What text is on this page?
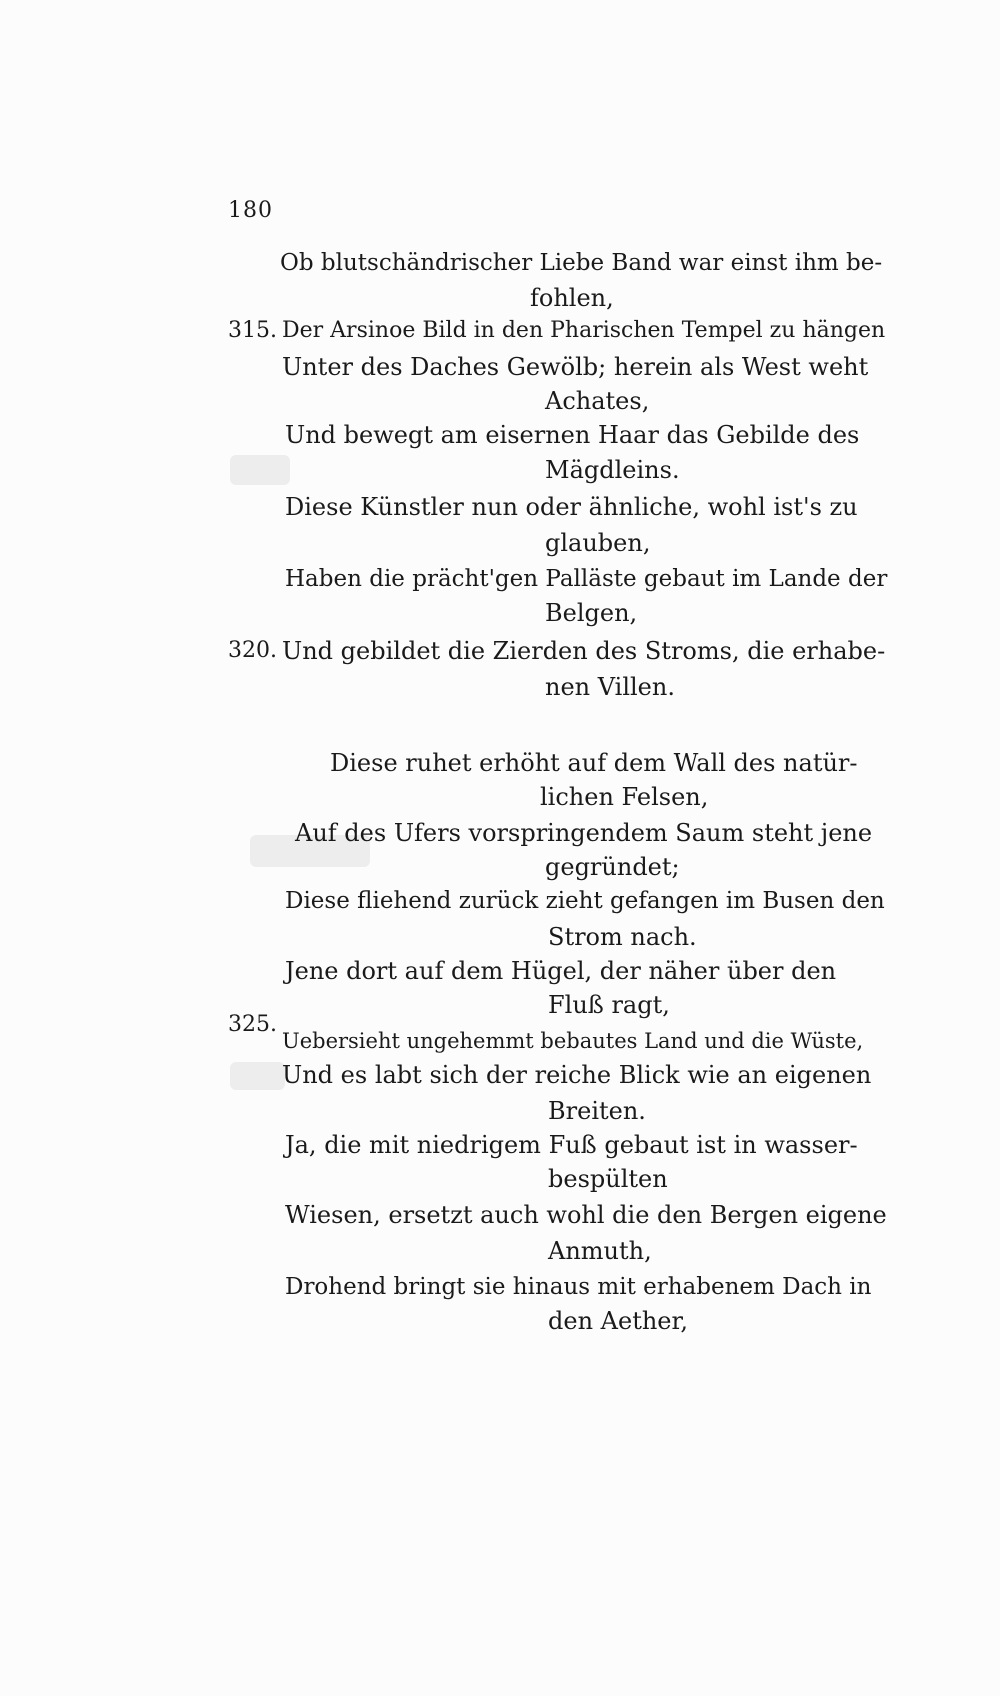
180
315.
320.
325.
Ob blutschändrischer Liebe Band war einst ihm be-
fohlen,
Der Arsinoe Bild in den Pharischen Tempel zu hängen
Unter des Daches Gewölb; herein als West weht
Achates,
Und bewegt am eisernen Haar das Gebilde des
Mägdleins.
Diese Künstler nun oder ähnliche, wohl ist's zu
glauben,
Haben die prächt'gen Palläste gebaut im Lande der
Belgen,
Und gebildet die Zierden des Stroms, die erhabe-
nen Villen.
Diese ruhet erhöht auf dem Wall des natür-
lichen Felsen,
Auf des Ufers vorspringendem Saum steht jene
gegründet;
Diese fliehend zurück zieht gefangen im Busen den
Strom nach.
Jene dort auf dem Hügel, der näher über den
Fluß ragt,
Uebersieht ungehemmt bebautes Land und die Wüste,
Und es labt sich der reiche Blick wie an eigenen
Breiten.
Ja, die mit niedrigem Fuß gebaut ist in wasser-
bespülten
Wiesen, ersetzt auch wohl die den Bergen eigene
Anmuth,
Drohend bringt sie hinaus mit erhabenem Dach in
den Aether,
